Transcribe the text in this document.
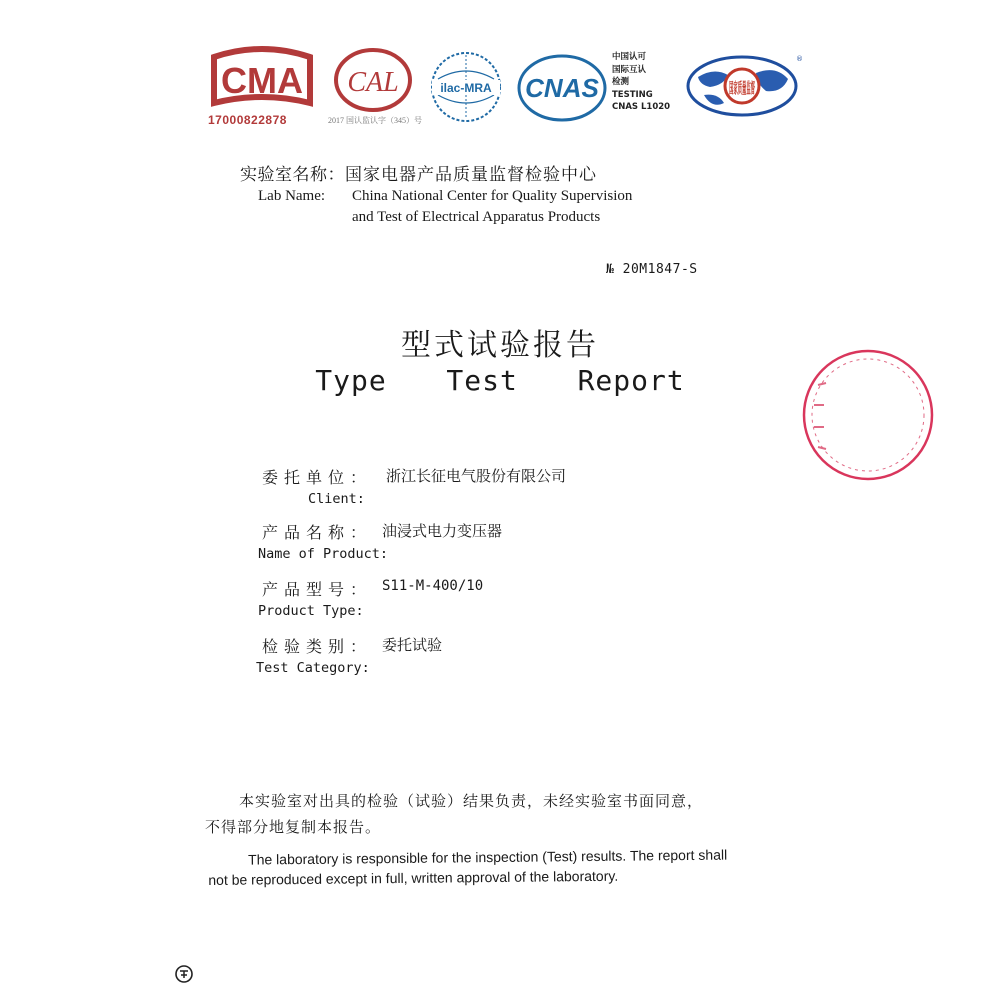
CMA
17000822878
CAL
2017 国认监认字（345）号
ilac-MRA CNAS
中国认可
国际互认
检测
TESTING
CNAS L1020
国家质量监督
®
实验室名称：国家电器产品质量监督检验中心
Lab Name: China National Center for Quality Supervision
and Test of Electrical Apparatus Products
№ 20M1847-S
型式试验报告
Type  Test  Report
委托单位： 浙江长征电气股份有限公司
Client:
产品名称： 油浸式电力变压器
Name of Product:
产品型号： S11-M-400/10
Product Type:
检验类别： 委托试验
Test Category:
本实验室对出具的检验（试验）结果负责，未经实验室书面同意，
不得部分地复制本报告。
The laboratory is responsible for the inspection (Test) results. The report shall
not be reproduced except in full, written approval of the laboratory.
